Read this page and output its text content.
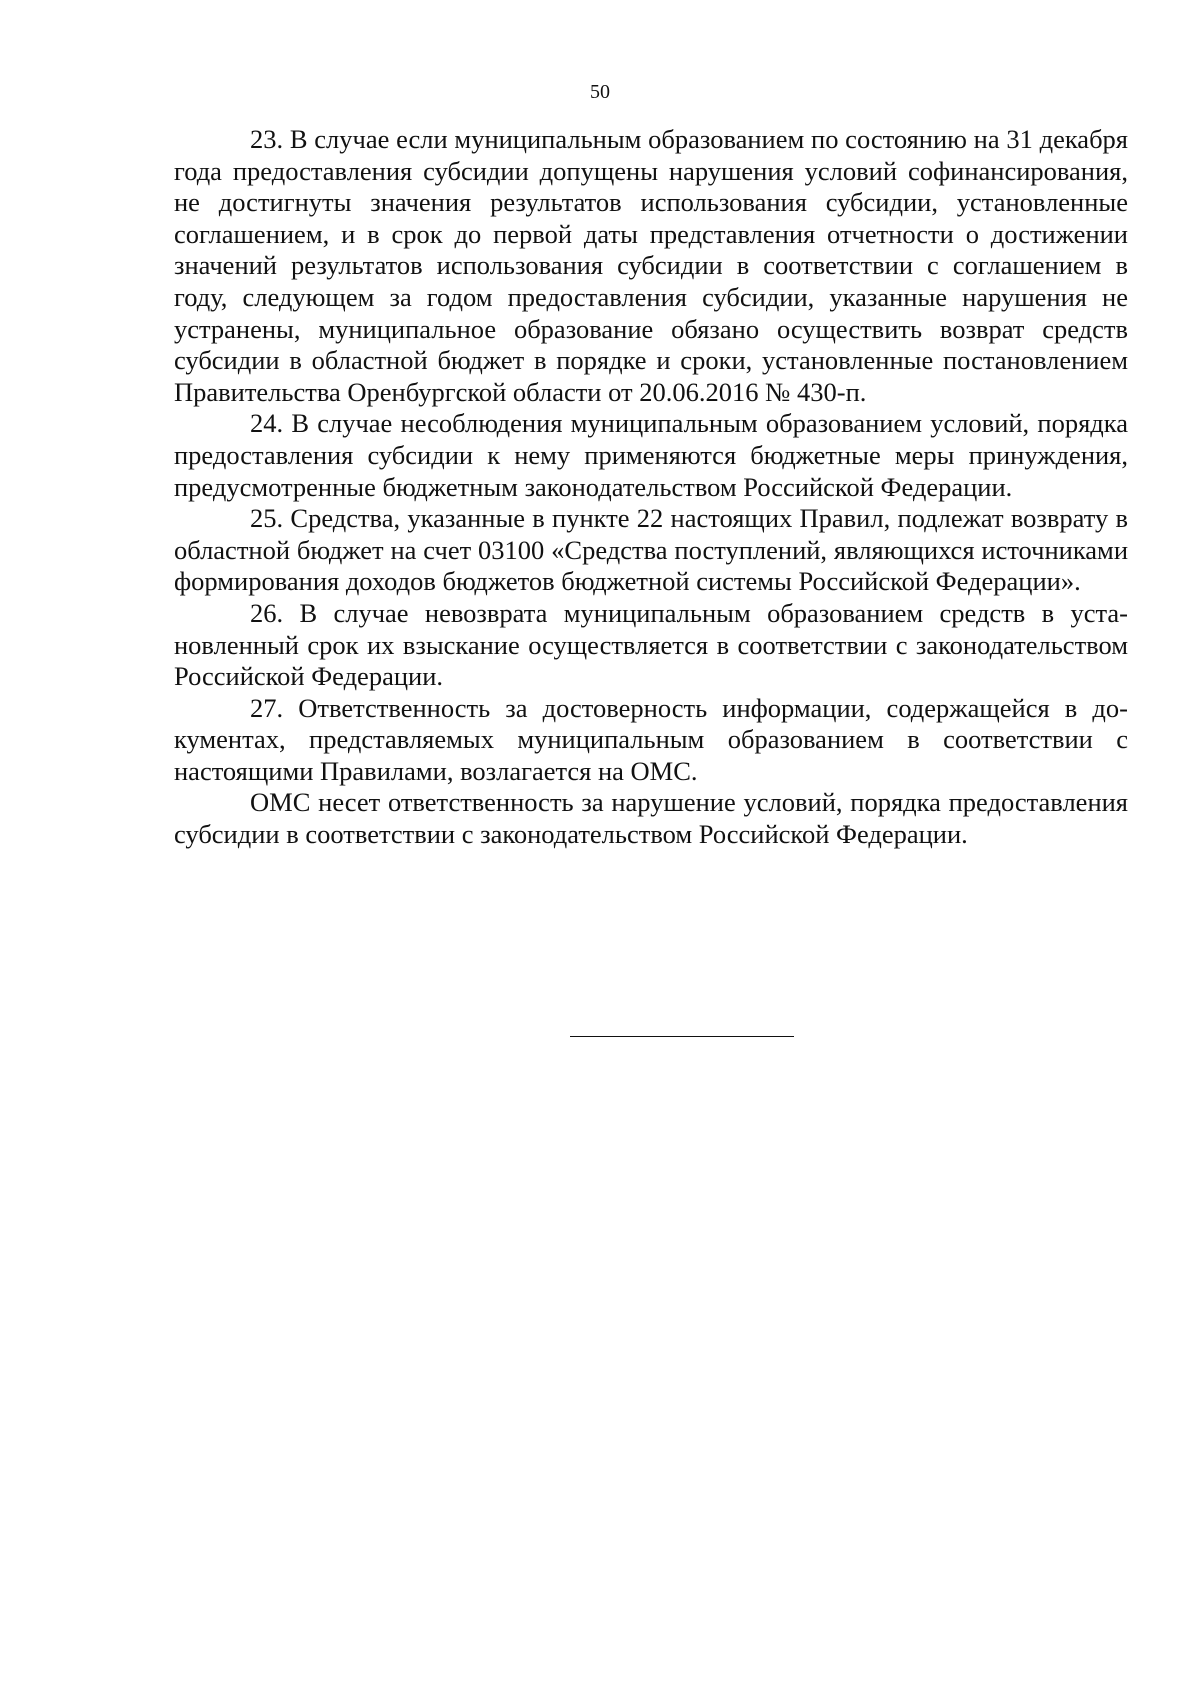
50

23. В случае если муниципальным образованием по состоянию на 31 декабря года предоставления субсидии допущены нарушения условий софинансирования, не достигнуты значения результатов использования субсидии, установленные соглашением, и в срок до первой даты представления отчетности о достижении значений результатов использования субсидии в соответствии с соглашением в году, следующем за годом предоставления субсидии, указанные нарушения не устранены, муниципальное образование обязано осуществить возврат средств субсидии в областной бюджет в порядке и сроки, установленные постановлением Правительства Оренбургской области от 20.06.2016 № 430-п.

24. В случае несоблюдения муниципальным образованием условий, порядка предоставления субсидии к нему применяются бюджетные меры принуждения, предусмотренные бюджетным законодательством Российской Федерации.

25. Средства, указанные в пункте 22 настоящих Правил, подлежат возврату в областной бюджет на счет 03100 «Средства поступлений, являющихся источниками формирования доходов бюджетов бюджетной системы Российской Федерации».

26. В случае невозврата муниципальным образованием средств в установленный срок их взыскание осуществляется в соответствии с законодательством Российской Федерации.

27. Ответственность за достоверность информации, содержащейся в документах, представляемых муниципальным образованием в соответствии с настоящими Правилами, возлагается на ОМС.

ОМС несет ответственность за нарушение условий, порядка предоставления субсидии в соответствии с законодательством Российской Федерации.
